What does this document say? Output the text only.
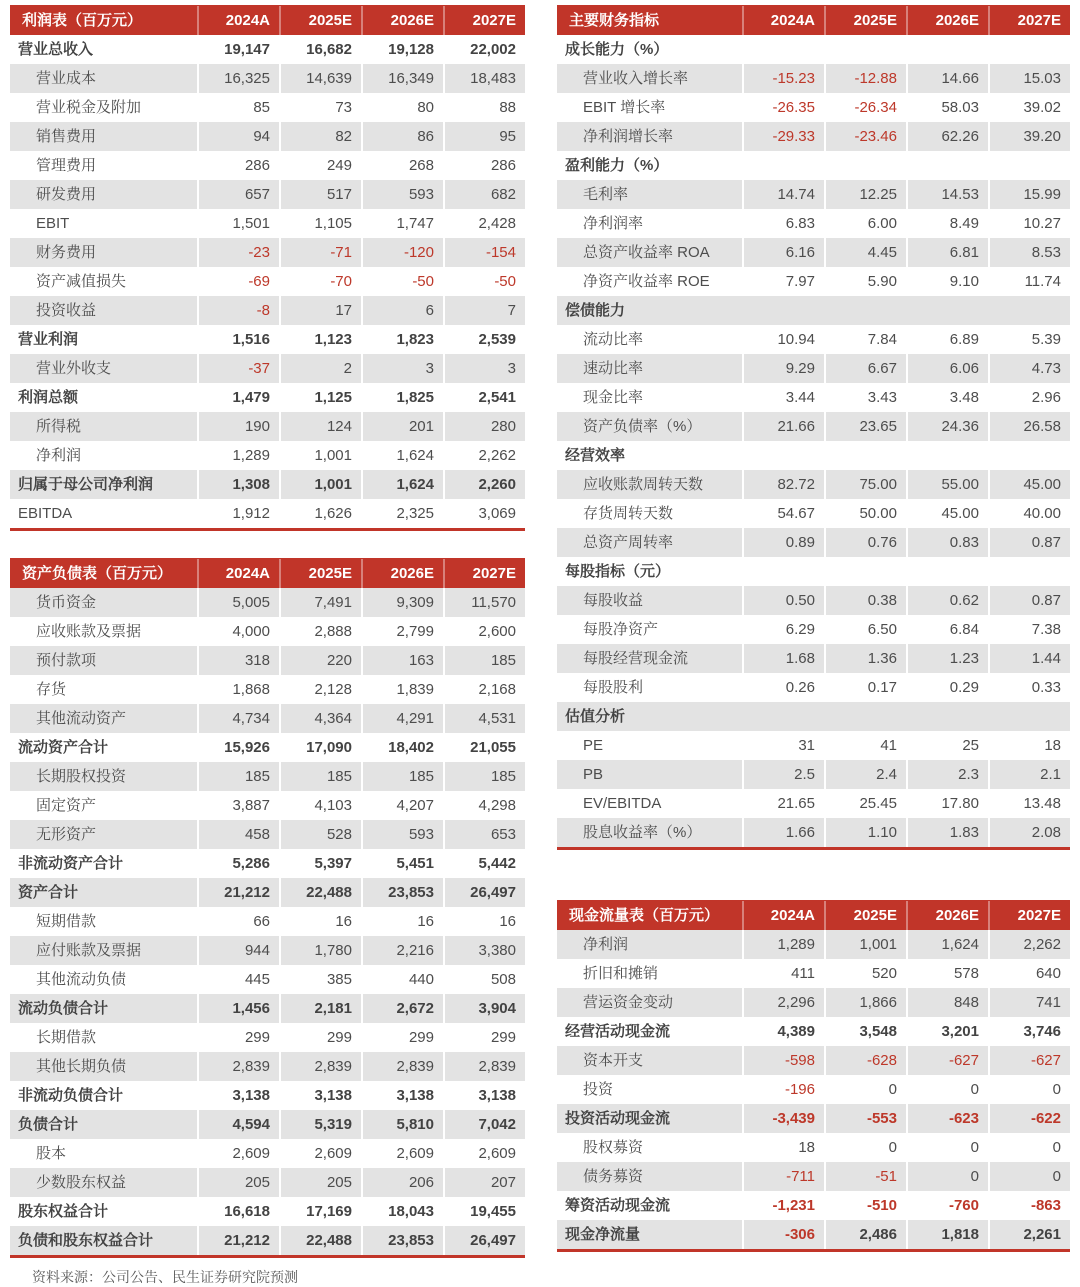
利润表（百万元）	2024A	2025E	2026E	2027E
营业总收入	19,147	16,682	19,128	22,002
营业成本	16,325	14,639	16,349	18,483
营业税金及附加	85	73	80	88
销售费用	94	82	86	95
管理费用	286	249	268	286
研发费用	657	517	593	682
EBIT	1,501	1,105	1,747	2,428
财务费用	-23	-71	-120	-154
资产减值损失	-69	-70	-50	-50
投资收益	-8	17	6	7
营业利润	1,516	1,123	1,823	2,539
营业外收支	-37	2	3	3
利润总额	1,479	1,125	1,825	2,541
所得税	190	124	201	280
净利润	1,289	1,001	1,624	2,262
归属于母公司净利润	1,308	1,001	1,624	2,260
EBITDA	1,912	1,626	2,325	3,069
资产负债表（百万元）	2024A	2025E	2026E	2027E
货币资金	5,005	7,491	9,309	11,570
应收账款及票据	4,000	2,888	2,799	2,600
预付款项	318	220	163	185
存货	1,868	2,128	1,839	2,168
其他流动资产	4,734	4,364	4,291	4,531
流动资产合计	15,926	17,090	18,402	21,055
长期股权投资	185	185	185	185
固定资产	3,887	4,103	4,207	4,298
无形资产	458	528	593	653
非流动资产合计	5,286	5,397	5,451	5,442
资产合计	21,212	22,488	23,853	26,497
短期借款	66	16	16	16
应付账款及票据	944	1,780	2,216	3,380
其他流动负债	445	385	440	508
流动负债合计	1,456	2,181	2,672	3,904
长期借款	299	299	299	299
其他长期负债	2,839	2,839	2,839	2,839
非流动负债合计	3,138	3,138	3,138	3,138
负债合计	4,594	5,319	5,810	7,042
股本	2,609	2,609	2,609	2,609
少数股东权益	205	205	206	207
股东权益合计	16,618	17,169	18,043	19,455
负债和股东权益合计	21,212	22,488	23,853	26,497
资料来源：公司公告、民生证券研究院预测
主要财务指标	2024A	2025E	2026E	2027E
成长能力（%）
营业收入增长率	-15.23	-12.88	14.66	15.03
EBIT 增长率	-26.35	-26.34	58.03	39.02
净利润增长率	-29.33	-23.46	62.26	39.20
盈利能力（%）
毛利率	14.74	12.25	14.53	15.99
净利润率	6.83	6.00	8.49	10.27
总资产收益率 ROA	6.16	4.45	6.81	8.53
净资产收益率 ROE	7.97	5.90	9.10	11.74
偿债能力
流动比率	10.94	7.84	6.89	5.39
速动比率	9.29	6.67	6.06	4.73
现金比率	3.44	3.43	3.48	2.96
资产负债率（%）	21.66	23.65	24.36	26.58
经营效率
应收账款周转天数	82.72	75.00	55.00	45.00
存货周转天数	54.67	50.00	45.00	40.00
总资产周转率	0.89	0.76	0.83	0.87
每股指标（元）
每股收益	0.50	0.38	0.62	0.87
每股净资产	6.29	6.50	6.84	7.38
每股经营现金流	1.68	1.36	1.23	1.44
每股股利	0.26	0.17	0.29	0.33
估值分析
PE	31	41	25	18
PB	2.5	2.4	2.3	2.1
EV/EBITDA	21.65	25.45	17.80	13.48
股息收益率（%）	1.66	1.10	1.83	2.08
现金流量表（百万元）	2024A	2025E	2026E	2027E
净利润	1,289	1,001	1,624	2,262
折旧和摊销	411	520	578	640
营运资金变动	2,296	1,866	848	741
经营活动现金流	4,389	3,548	3,201	3,746
资本开支	-598	-628	-627	-627
投资	-196	0	0	0
投资活动现金流	-3,439	-553	-623	-622
股权募资	18	0	0	0
债务募资	-711	-51	0	0
筹资活动现金流	-1,231	-510	-760	-863
现金净流量	-306	2,486	1,818	2,261
